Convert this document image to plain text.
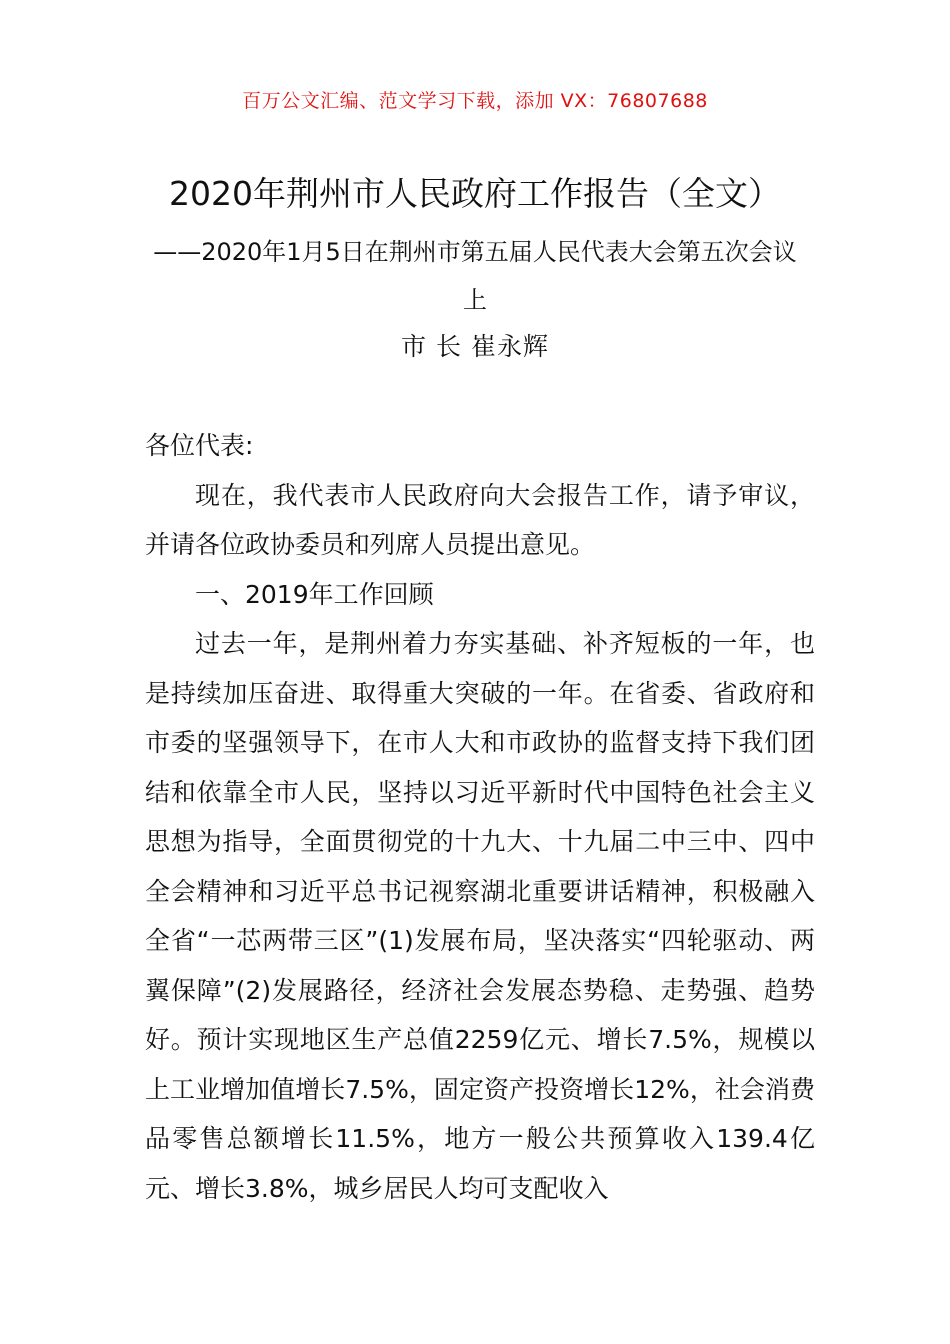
百万公文汇编、范文学习下载，添加 VX：76807688
2020年荆州市人民政府工作报告（全文）
——2020年1月5日在荆州市第五届人民代表大会第五次会议上
市 长 崔永辉

各位代表:

现在，我代表市人民政府向大会报告工作，请予审议，并请各位政协委员和列席人员提出意见。

一、2019年工作回顾

过去一年，是荆州着力夯实基础、补齐短板的一年，也是持续加压奋进、取得重大突破的一年。在省委、省政府和市委的坚强领导下，在市人大和市政协的监督支持下我们团结和依靠全市人民，坚持以习近平新时代中国特色社会主义思想为指导，全面贯彻党的十九大、十九届二中三中、四中全会精神和习近平总书记视察湖北重要讲话精神，积极融入全省“一芯两带三区”(1)发展布局，坚决落实“四轮驱动、两翼保障”(2)发展路径，经济社会发展态势稳、走势强、趋势好。预计实现地区生产总值2259亿元、增长7.5%，规模以上工业增加值增长7.5%，固定资产投资增长12%，社会消费品零售总额增长11.5%，地方一般公共预算收入139.4亿元、增长3.8%，城乡居民人均可支配收入
